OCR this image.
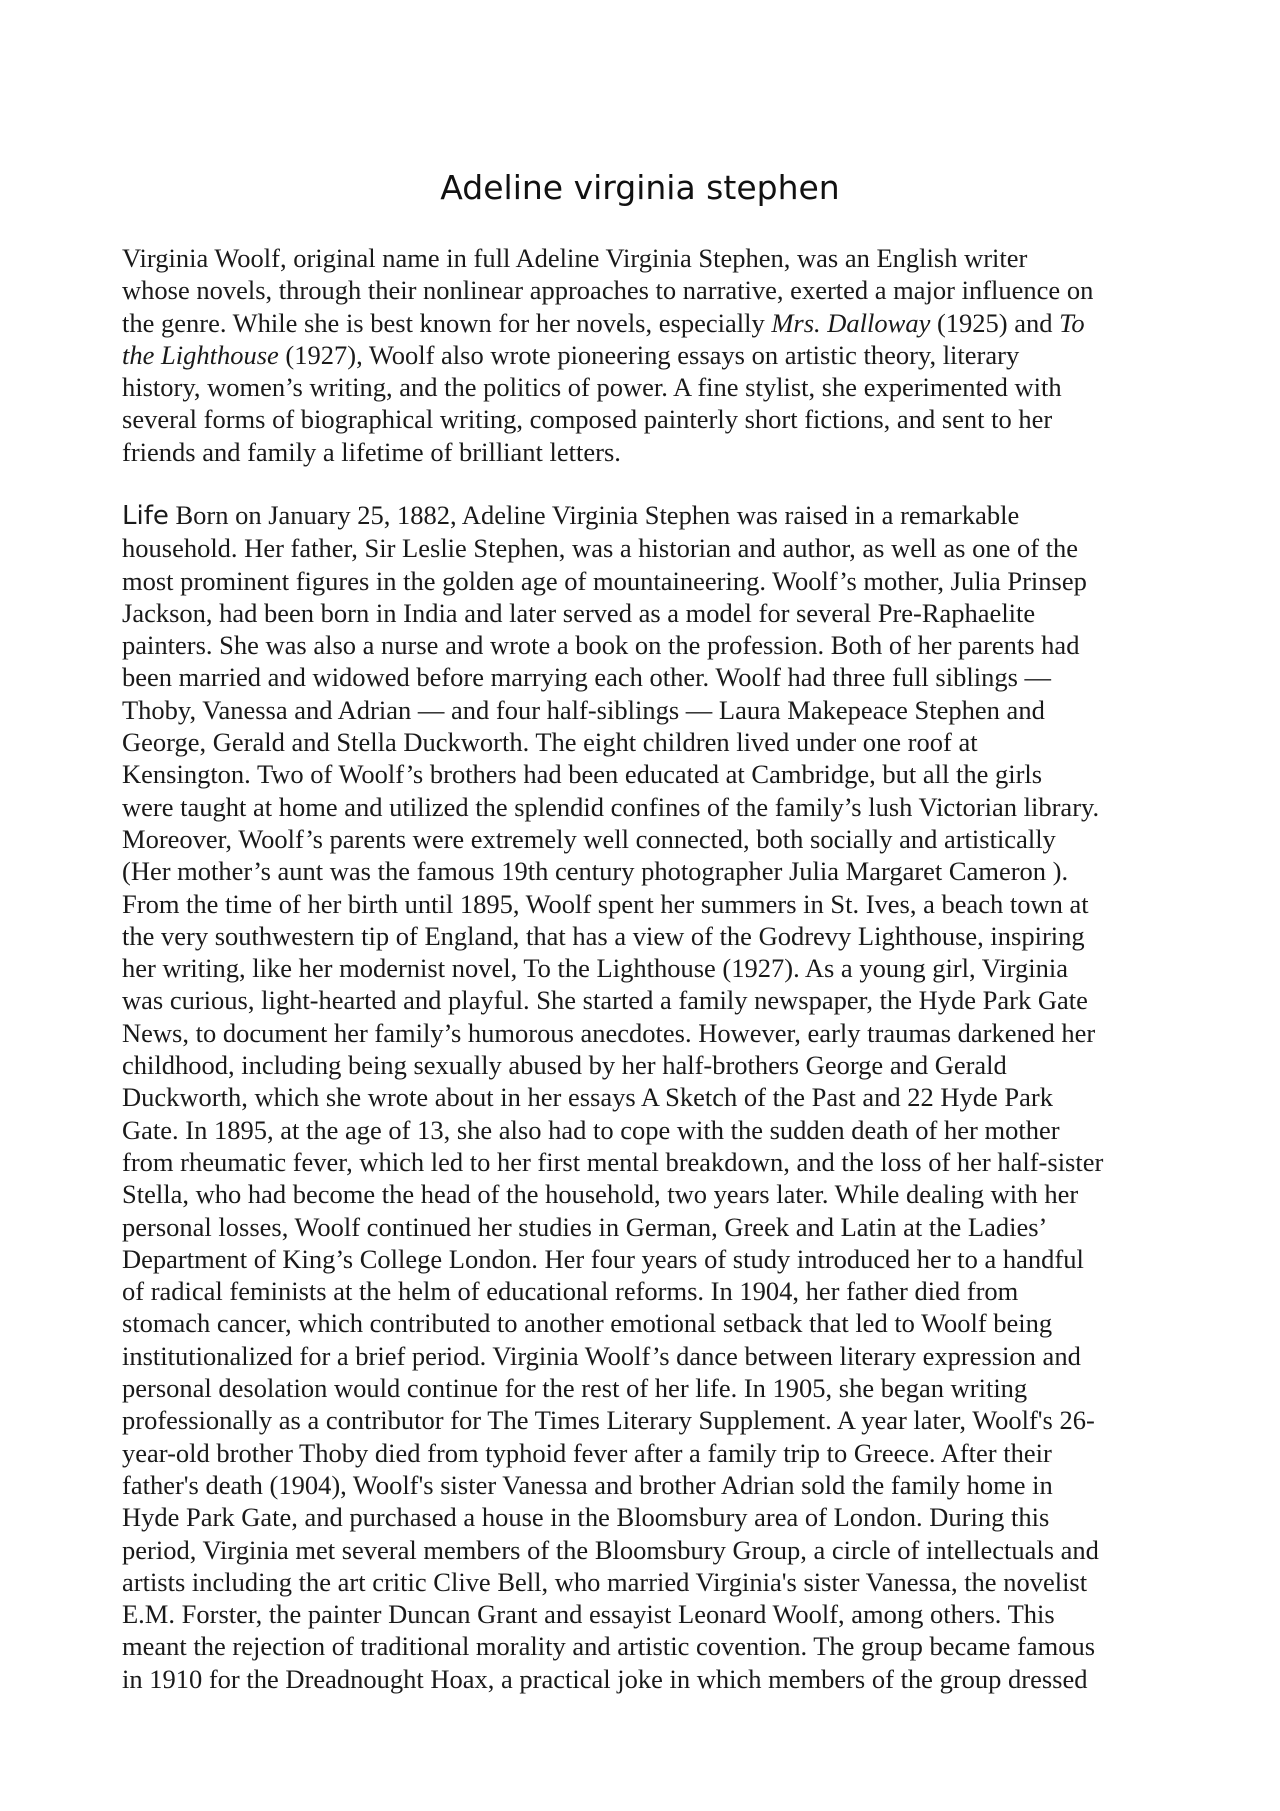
Adeline virginia stephen
Virginia Woolf, original name in full Adeline Virginia Stephen, was an English writer
whose novels, through their nonlinear approaches to narrative, exerted a major influence on
the genre. While she is best known for her novels, especially Mrs. Dalloway (1925) and To
the Lighthouse (1927), Woolf also wrote pioneering essays on artistic theory, literary
history, women’s writing, and the politics of power. A fine stylist, she experimented with
several forms of biographical writing, composed painterly short fictions, and sent to her
friends and family a lifetime of brilliant letters.
Life Born on January 25, 1882, Adeline Virginia Stephen was raised in a remarkable
household. Her father, Sir Leslie Stephen, was a historian and author, as well as one of the
most prominent figures in the golden age of mountaineering. Woolf’s mother, Julia Prinsep
Jackson, had been born in India and later served as a model for several Pre-Raphaelite
painters. She was also a nurse and wrote a book on the profession. Both of her parents had
been married and widowed before marrying each other. Woolf had three full siblings —
Thoby, Vanessa and Adrian — and four half-siblings — Laura Makepeace Stephen and
George, Gerald and Stella Duckworth. The eight children lived under one roof at
Kensington. Two of Woolf’s brothers had been educated at Cambridge, but all the girls
were taught at home and utilized the splendid confines of the family’s lush Victorian library.
Moreover, Woolf’s parents were extremely well connected, both socially and artistically
(Her mother’s aunt was the famous 19th century photographer Julia Margaret Cameron ).
From the time of her birth until 1895, Woolf spent her summers in St. Ives, a beach town at
the very southwestern tip of England, that has a view of the Godrevy Lighthouse, inspiring
her writing, like her modernist novel, To the Lighthouse (1927). As a young girl, Virginia
was curious, light-hearted and playful. She started a family newspaper, the Hyde Park Gate
News, to document her family’s humorous anecdotes. However, early traumas darkened her
childhood, including being sexually abused by her half-brothers George and Gerald
Duckworth, which she wrote about in her essays A Sketch of the Past and 22 Hyde Park
Gate. In 1895, at the age of 13, she also had to cope with the sudden death of her mother
from rheumatic fever, which led to her first mental breakdown, and the loss of her half-sister
Stella, who had become the head of the household, two years later. While dealing with her
personal losses, Woolf continued her studies in German, Greek and Latin at the Ladies’
Department of King’s College London. Her four years of study introduced her to a handful
of radical feminists at the helm of educational reforms. In 1904, her father died from
stomach cancer, which contributed to another emotional setback that led to Woolf being
institutionalized for a brief period. Virginia Woolf’s dance between literary expression and
personal desolation would continue for the rest of her life. In 1905, she began writing
professionally as a contributor for The Times Literary Supplement. A year later, Woolf's 26-
year-old brother Thoby died from typhoid fever after a family trip to Greece. After their
father's death (1904), Woolf's sister Vanessa and brother Adrian sold the family home in
Hyde Park Gate, and purchased a house in the Bloomsbury area of London. During this
period, Virginia met several members of the Bloomsbury Group, a circle of intellectuals and
artists including the art critic Clive Bell, who married Virginia's sister Vanessa, the novelist
E.M. Forster, the painter Duncan Grant and essayist Leonard Woolf, among others. This
meant the rejection of traditional morality and artistic covention. The group became famous
in 1910 for the Dreadnought Hoax, a practical joke in which members of the group dressed
